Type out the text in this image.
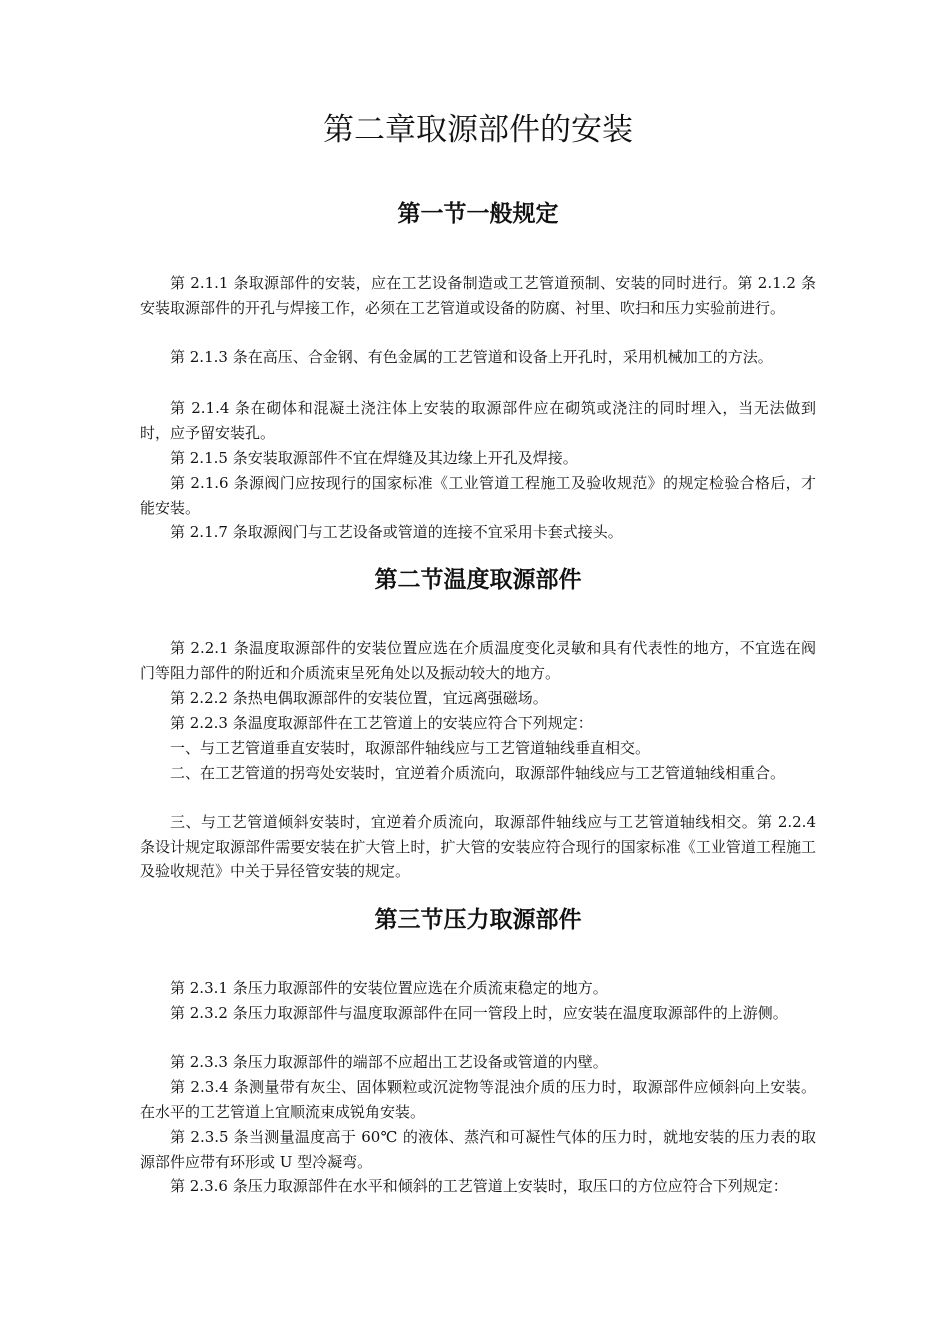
第二章取源部件的安装
第一节一般规定

第 2.1.1 条取源部件的安装，应在工艺设备制造或工艺管道预制、安装的同时进行。第 2.1.2 条安装取源部件的开孔与焊接工作，必须在工艺管道或设备的防腐、衬里、吹扫和压力实验前进行。

第 2.1.3 条在高压、合金钢、有色金属的工艺管道和设备上开孔时，采用机械加工的方法。

第 2.1.4 条在砌体和混凝土浇注体上安装的取源部件应在砌筑或浇注的同时埋入，当无法做到时，应予留安装孔。

第 2.1.5 条安装取源部件不宜在焊缝及其边缘上开孔及焊接。

第 2.1.6 条源阀门应按现行的国家标准《工业管道工程施工及验收规范》的规定检验合格后，才能安装。

第 2.1.7 条取源阀门与工艺设备或管道的连接不宜采用卡套式接头。

第二节温度取源部件

第 2.2.1 条温度取源部件的安装位置应选在介质温度变化灵敏和具有代表性的地方，不宜选在阀门等阻力部件的附近和介质流束呈死角处以及振动较大的地方。

第 2.2.2 条热电偶取源部件的安装位置，宜远离强磁场。

第 2.2.3 条温度取源部件在工艺管道上的安装应符合下列规定：

一、与工艺管道垂直安装时，取源部件轴线应与工艺管道轴线垂直相交。

二、在工艺管道的拐弯处安装时，宜逆着介质流向，取源部件轴线应与工艺管道轴线相重合。

三、与工艺管道倾斜安装时，宜逆着介质流向，取源部件轴线应与工艺管道轴线相交。第 2.2.4 条设计规定取源部件需要安装在扩大管上时，扩大管的安装应符合现行的国家标准《工业管道工程施工及验收规范》中关于异径管安装的规定。

第三节压力取源部件

第 2.3.1 条压力取源部件的安装位置应选在介质流束稳定的地方。

第 2.3.2 条压力取源部件与温度取源部件在同一管段上时，应安装在温度取源部件的上游侧。

第 2.3.3 条压力取源部件的端部不应超出工艺设备或管道的内壁。

第 2.3.4 条测量带有灰尘、固体颗粒或沉淀物等混浊介质的压力时，取源部件应倾斜向上安装。在水平的工艺管道上宜顺流束成锐角安装。

第 2.3.5 条当测量温度高于 60℃ 的液体、蒸汽和可凝性气体的压力时，就地安装的压力表的取源部件应带有环形或 U 型冷凝弯。

第 2.3.6 条压力取源部件在水平和倾斜的工艺管道上安装时，取压口的方位应符合下列规定：
